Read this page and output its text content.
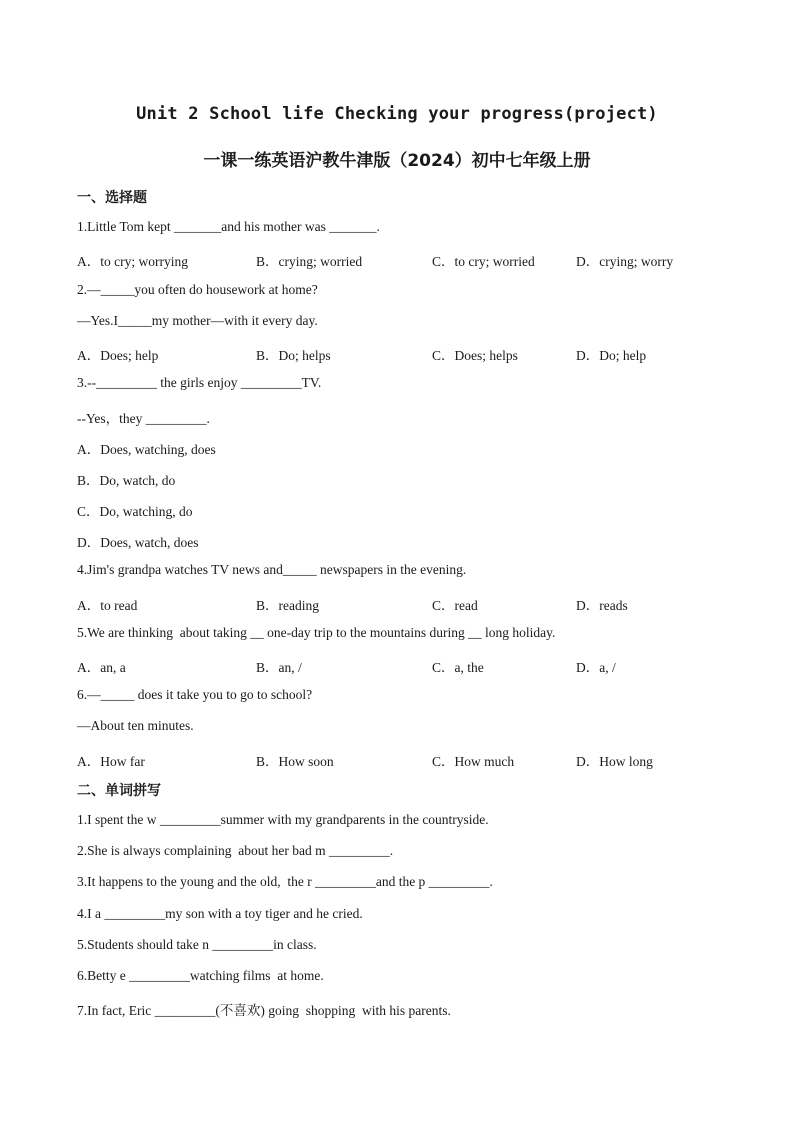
Unit 2 School life Checking your progress(project)
一课一练英语沪教牛津版（2024）初中七年级上册
一、选择题
1.Little Tom kept _______and his mother was _______.
A．to cry; worrying	B．crying; worried	C．to cry; worried	D．crying; worry
2.—_____you often do housework at home?
—Yes.I_____my mother—with it every day.
A．Does; help	B．Do; helps	C．Does; helps	D．Do; help
3.--_________ the girls enjoy _________TV.
--Yes，they _________.
A．Does, watching, does
B．Do, watch, do
C．Do, watching, do
D．Does, watch, does
4.Jim's grandpa watches TV news and_____ newspapers in the evening.
A．to read	B．reading	C．read	D．reads
5.We are thinking  about taking __ one-day trip to the mountains during __ long holiday.
A．an, a	B．an, /	C．a, the	D．a, /
6.—_____ does it take you to go to school?
—About ten minutes.
A．How far	B．How soon	C．How much	D．How long
二、单词拼写
1.I spent the w _________summer with my grandparents in the countryside.
2.She is always complaining  about her bad m _________.
3.It happens to the young and the old,  the r _________and the p _________.
4.I a _________my son with a toy tiger and he cried.
5.Students should take n _________in class.
6.Betty e _________watching films  at home.
7.In fact, Eric _________(不喜欢) going  shopping  with his parents.
